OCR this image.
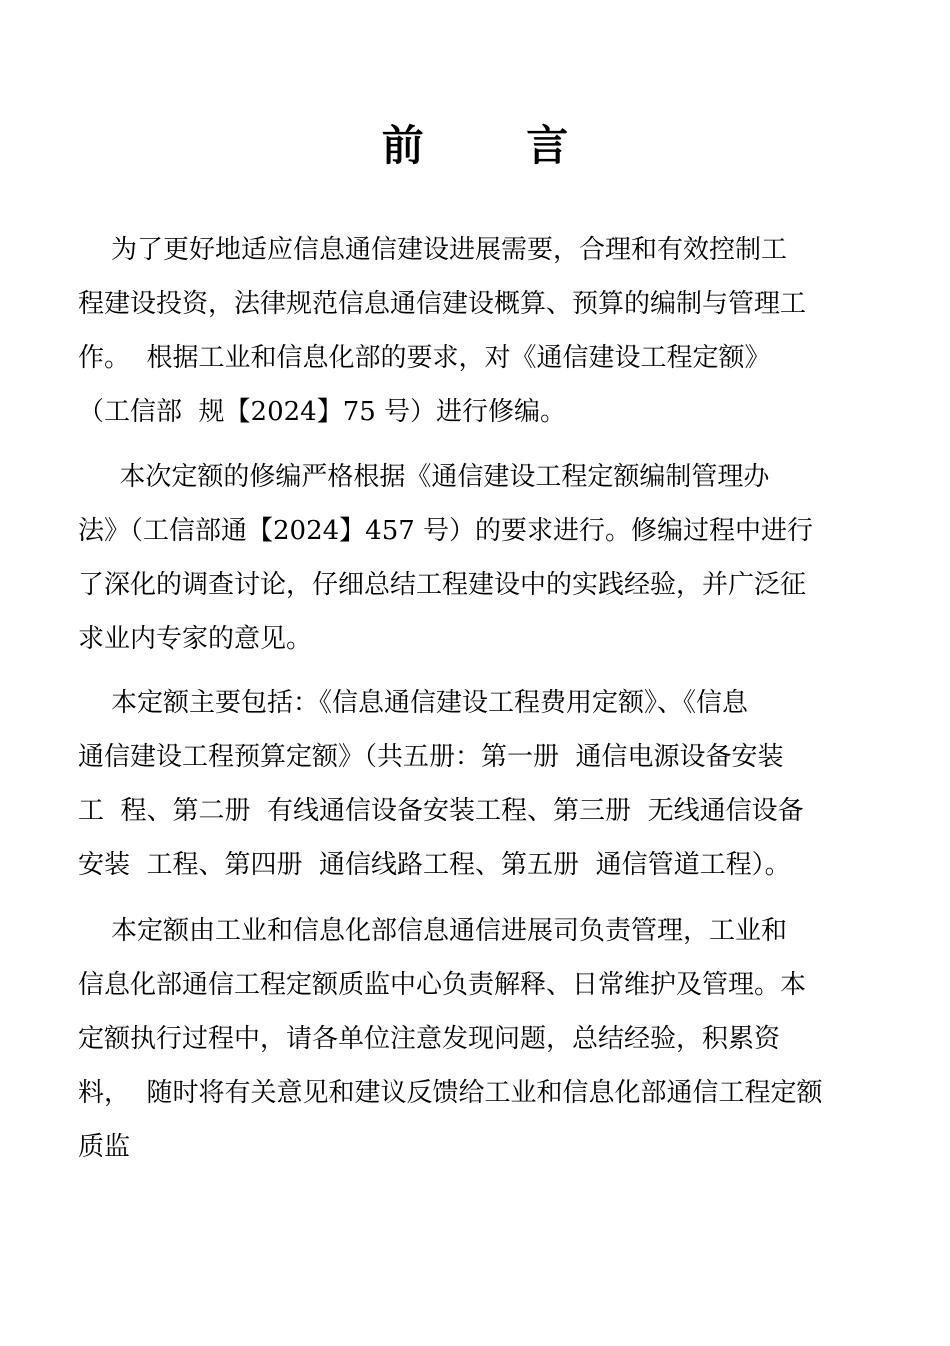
前 言
为了更好地适应信息通信建设进展需要，合理和有效控制工
程建设投资，法律规范信息通信建设概算、预算的编制与管理工
作。  根据工业和信息化部的要求，对《通信建设工程定额》
（工信部  规【2024】75 号）进行修编。
本次定额的修编严格根据《通信建设工程定额编制管理办
法》（工信部通【2024】457 号）的要求进行。修编过程中进行
了深化的调查讨论，仔细总结工程建设中的实践经验，并广泛征
求业内专家的意见。
本定额主要包括：《信息通信建设工程费用定额》、《信息
通信建设工程预算定额》（共五册：第一册  通信电源设备安装
工  程、第二册  有线通信设备安装工程、第三册  无线通信设备
安装  工程、第四册  通信线路工程、第五册  通信管道工程）。
本定额由工业和信息化部信息通信进展司负责管理，工业和
信息化部通信工程定额质监中心负责解释、日常维护及管理。本
定额执行过程中，请各单位注意发现问题，总结经验，积累资
料，  随时将有关意见和建议反馈给工业和信息化部通信工程定额
质监
